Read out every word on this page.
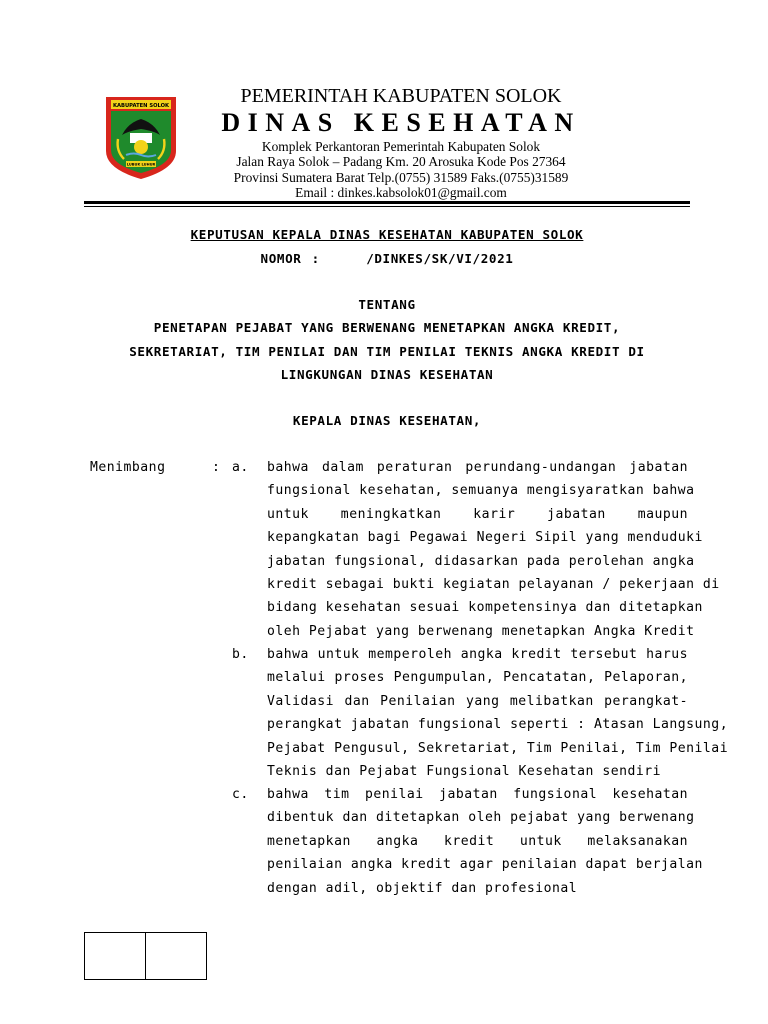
KABUPATEN SOLOK
LUBUK LUHUR
PEMERINTAH KABUPATEN SOLOK
DINAS KESEHATAN
Komplek Perkantoran Pemerintah Kabupaten Solok
Jalan Raya Solok – Padang Km. 20 Arosuka Kode Pos 27364
Provinsi Sumatera Barat Telp.(0755) 31589 Faks.(0755)31589
Email : dinkes.kabsolok01@gmail.com
KEPUTUSAN KEPALA DINAS KESEHATAN KABUPATEN SOLOK
NOMOR :	/DINKES/SK/VI/2021
TENTANG
PENETAPAN PEJABAT YANG BERWENANG MENETAPKAN ANGKA KREDIT,
SEKRETARIAT, TIM PENILAI DAN TIM PENILAI TEKNIS ANGKA KREDIT DI
LINGKUNGAN DINAS KESEHATAN
KEPALA DINAS KESEHATAN,
Menimbang	: a. bahwa dalam peraturan perundang-undangan jabatan
fungsional kesehatan, semuanya mengisyaratkan bahwa
untuk meningkatkan karir jabatan maupun
kepangkatan bagi Pegawai Negeri Sipil yang menduduki
jabatan fungsional, didasarkan pada perolehan angka
kredit sebagai bukti kegiatan pelayanan / pekerjaan di
bidang kesehatan sesuai kompetensinya dan ditetapkan
oleh Pejabat yang berwenang menetapkan Angka Kredit
b. bahwa untuk memperoleh angka kredit tersebut harus
melalui proses Pengumpulan, Pencatatan, Pelaporan,
Validasi dan Penilaian yang melibatkan perangkat-
perangkat jabatan fungsional seperti : Atasan Langsung,
Pejabat Pengusul, Sekretariat, Tim Penilai, Tim Penilai
Teknis dan Pejabat Fungsional Kesehatan sendiri
c. bahwa tim penilai jabatan fungsional kesehatan
dibentuk dan ditetapkan oleh pejabat yang berwenang
menetapkan angka kredit untuk melaksanakan
penilaian angka kredit agar penilaian dapat berjalan
dengan adil, objektif dan profesional
